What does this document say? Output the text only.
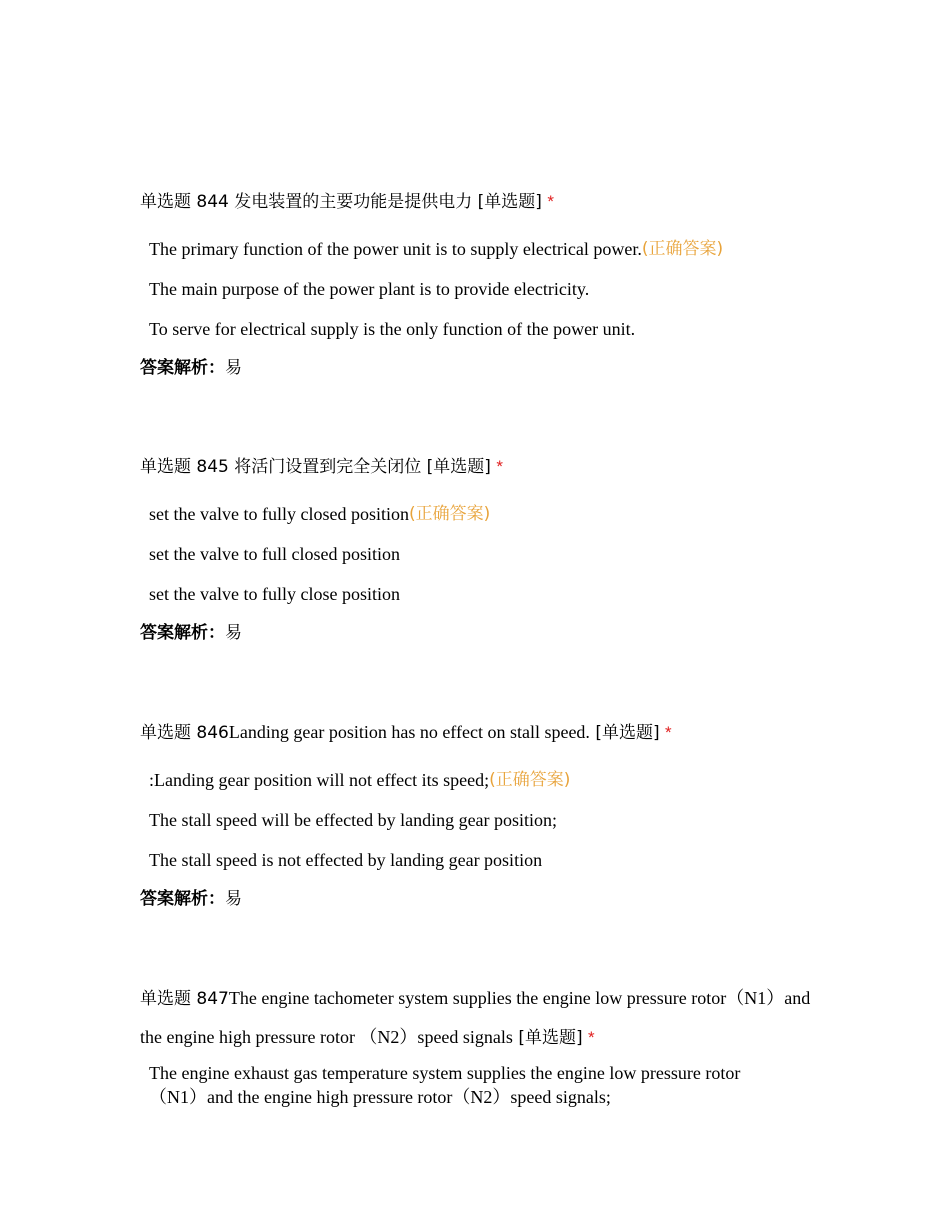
单选题 844 发电装置的主要功能是提供电力 [单选题] *

The primary function of the power unit is to supply electrical power. (正确答案)
The main purpose of the power plant is to provide electricity.
To serve for electrical supply is the only function of the power unit.

答案解析：易

单选题 845 将活门设置到完全关闭位 [单选题] *

set the valve to fully closed position (正确答案)
set the valve to full closed position
set the valve to fully close position

答案解析：易

单选题 846Landing gear position has no effect on stall speed. [单选题] *

:Landing gear position will not effect its speed; (正确答案)
The stall speed will be effected by landing gear position;
The stall speed is not effected by landing gear position

答案解析：易

单选题 847The engine tachometer system supplies the engine low pressure rotor（N1）and the engine high pressure rotor （N2）speed signals [单选题] *

The engine exhaust gas temperature system supplies the engine low pressure rotor（N1）and the engine high pressure rotor（N2）speed signals;
